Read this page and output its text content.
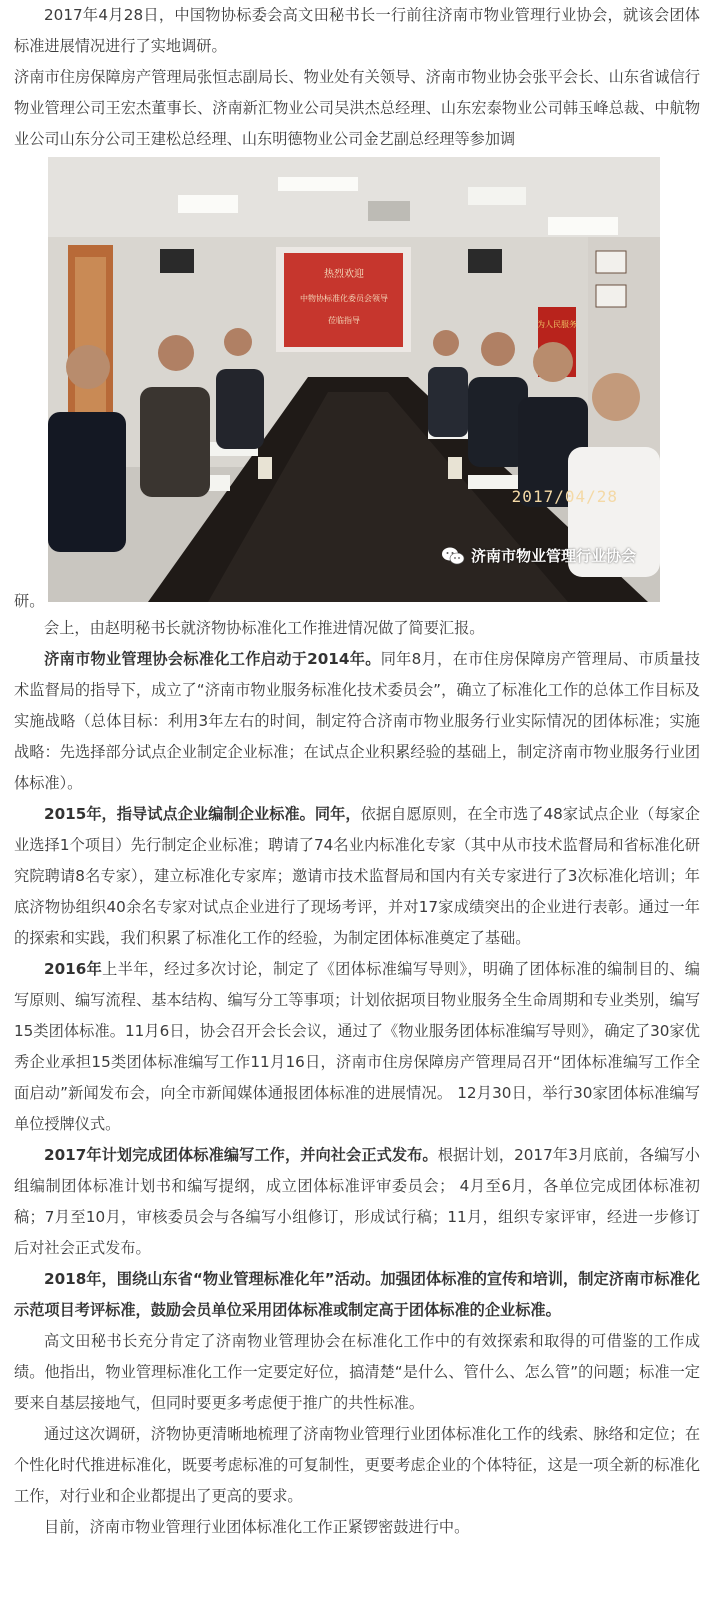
2017年4月28日，中国物协标委会高文田秘书长一行前往济南市物业管理行业协会，就该会团体标准进展情况进行了实地调研。

济南市住房保障房产管理局张恒志副局长、物业处有关领导、济南市物业协会张平会长、山东省诚信行物业管理公司王宏杰董事长、济南新汇物业公司吴洪杰总经理、山东宏泰物业公司韩玉峰总裁、中航物业公司山东分公司王建松总经理、山东明德物业公司金艺副总经理等参加调

热烈欢迎
中物协标准化委员会领导
莅临指导	为人民服务
2017/04/28
济南市物业管理行业协会
研。

会上，由赵明秘书长就济物协标准化工作推进情况做了简要汇报。

济南市物业管理协会标准化工作启动于2014年。同年8月，在市住房保障房产管理局、市质量技术监督局的指导下，成立了“济南市物业服务标准化技术委员会”，确立了标准化工作的总体工作目标及实施战略（总体目标：利用3年左右的时间，制定符合济南市物业服务行业实际情况的团体标准；实施战略：先选择部分试点企业制定企业标准；在试点企业积累经验的基础上，制定济南市物业服务行业团体标准）。

2015年，指导试点企业编制企业标准。同年，依据自愿原则，在全市选了48家试点企业（每家企业选择1个项目）先行制定企业标准；聘请了74名业内标准化专家（其中从市技术监督局和省标准化研究院聘请8名专家），建立标准化专家库；邀请市技术监督局和国内有关专家进行了3次标准化培训；年底济物协组织40余名专家对试点企业进行了现场考评，并对17家成绩突出的企业进行表彰。通过一年的探索和实践，我们积累了标准化工作的经验，为制定团体标准奠定了基础。

2016年上半年，经过多次讨论，制定了《团体标准编写导则》，明确了团体标准的编制目的、编写原则、编写流程、基本结构、编写分工等事项；计划依据项目物业服务全生命周期和专业类别，编写15类团体标准。11月6日，协会召开会长会议，通过了《物业服务团体标准编写导则》，确定了30家优秀企业承担15类团体标准编写工作11月16日，济南市住房保障房产管理局召开“团体标准编写工作全面启动”新闻发布会，向全市新闻媒体通报团体标准的进展情况。 12月30日，举行30家团体标准编写单位授牌仪式。

2017年计划完成团体标准编写工作，并向社会正式发布。根据计划，2017年3月底前，各编写小组编制团体标准计划书和编写提纲，成立团体标准评审委员会； 4月至6月，各单位完成团体标准初稿；7月至10月，审核委员会与各编写小组修订，形成试行稿；11月，组织专家评审，经进一步修订后对社会正式发布。

2018年，围绕山东省“物业管理标准化年”活动。加强团体标准的宣传和培训，制定济南市标准化示范项目考评标准，鼓励会员单位采用团体标准或制定高于团体标准的企业标准。

高文田秘书长充分肯定了济南物业管理协会在标准化工作中的有效探索和取得的可借鉴的工作成绩。他指出，物业管理标准化工作一定要定好位，搞清楚“是什么、管什么、怎么管”的问题；标准一定要来自基层接地气，但同时要更多考虑便于推广的共性标准。

通过这次调研，济物协更清晰地梳理了济南物业管理行业团体标准化工作的线索、脉络和定位；在个性化时代推进标准化，既要考虑标准的可复制性，更要考虑企业的个体特征，这是一项全新的标准化工作，对行业和企业都提出了更高的要求。

目前，济南市物业管理行业团体标准化工作正紧锣密鼓进行中。
